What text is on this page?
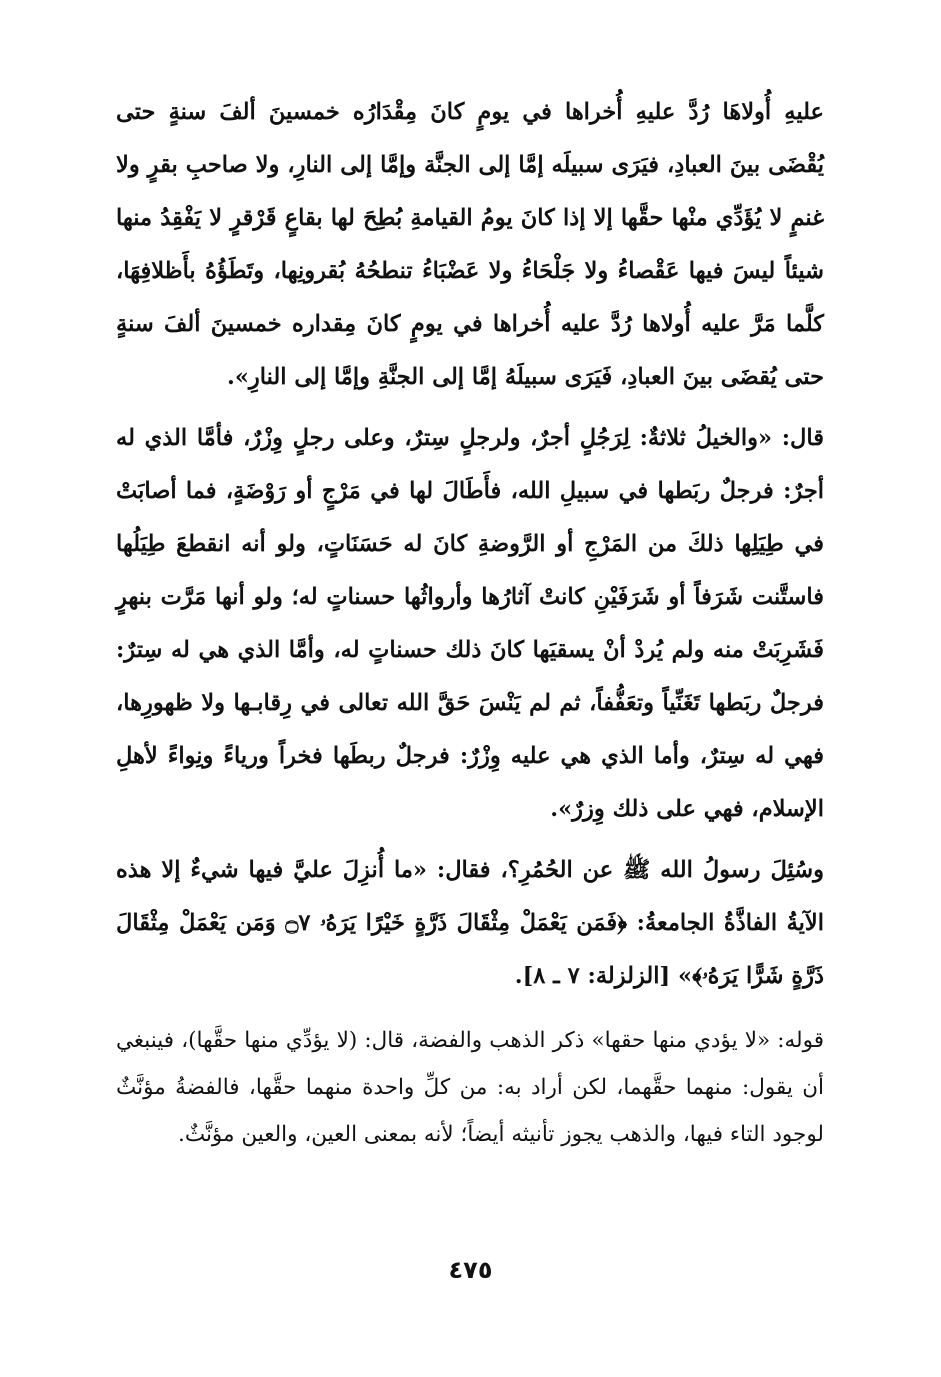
عليهِ أُولاهَا رُدَّ عليهِ أُخراها في يومٍ كانَ مِقْدَارُه خمسينَ ألفَ سنةٍ حتى يُقْضَى بينَ العبادِ، فيَرَى سبيلَه إمَّا إلى الجنَّة وإمَّا إلى النارِ، ولا صاحبِ بقرٍ ولا غنمٍ لا يُؤَدِّي منْها حقَّها إلا إذا كانَ يومُ القيامةِ بُطِحَ لها بقاعٍ قَرْقرٍ لا يَفْقِدُ منها شيئاً ليسَ فيها عَقْصاءُ ولا جَلْحَاءُ ولا عَضْبَاءُ تنطحُهُ بُقرونِها، وتَطَؤُهُ بأَظلافِهَا، كلَّما مَرَّ عليه أُولاها رُدَّ عليه أُخراها في يومٍ كانَ مِقداره خمسينَ ألفَ سنةٍ حتى يُقضَى بينَ العبادِ، فَيَرَى سبيلَهُ إمَّا إلى الجنَّةِ وإمَّا إلى النارِ».

قال: «والخيلُ ثلاثةٌ: لِرَجُلٍ أجرٌ، ولرجلٍ سِترٌ، وعلى رجلٍ وِزْرٌ، فأمَّا الذي له أجرٌ: فرجلٌ ربَطها في سبيلِ الله، فأَطَالَ لها في مَرْجٍ أو رَوْضَةٍ، فما أصابَتْ في طِيَلِها ذلكَ من المَرْجِ أو الرَّوضةِ كانَ له حَسَنَاتٍ، ولو أنه انقطعَ طِيَلُها فاستَّنت شَرَفاً أو شَرَفَيْنِ كانتْ آثارُها وأرواثُها حسناتٍ له؛ ولو أنها مَرَّت بنهرٍ فَشَرِبَتْ منه ولم يُردْ أنْ يسقيَها كانَ ذلك حسناتٍ له، وأمَّا الذي هي له سِترٌ: فرجلٌ ربَطها تَغَنِّياً وتعَفُّفاً، ثم لم يَنْسَ حَقَّ الله تعالى في رِقابـها ولا ظهورِها، فهي له سِترٌ، وأما الذي هي عليه وِزْرٌ: فرجلٌ ربطَها فخراً ورياءً ونِواءً لأهلِ الإسلام، فهي على ذلك وِزرٌ».

وسُئِلَ رسولُ الله ﷺ عن الحُمُرِ؟، فقال: «ما أُنزِلَ عليَّ فيها شيءٌ إلا هذه الآيةُ الفاذَّةُ الجامعةُ: ﴿فَمَن يَعْمَلْ مِثْقَالَ ذَرَّةٍ خَيْرًا يَرَهُۥ ۝٧ وَمَن يَعْمَلْ مِثْقَالَ ذَرَّةٍ شَرًّا يَرَهُۥ﴾» [الزلزلة: ٧ ـ ٨].

قوله: «لا يؤدي منها حقها» ذكر الذهب والفضة، قال: (لا يؤدِّي منها حقَّها)، فينبغي أن يقول: منهما حقَّهما، لكن أراد به: من كلِّ واحدة منهما حقَّها، فالفضةُ مؤنَّثٌ لوجود التاء فيها، والذهب يجوز تأنيثه أيضاً؛ لأنه بمعنى العين، والعين مؤنَّثٌ.

٤٧٥
